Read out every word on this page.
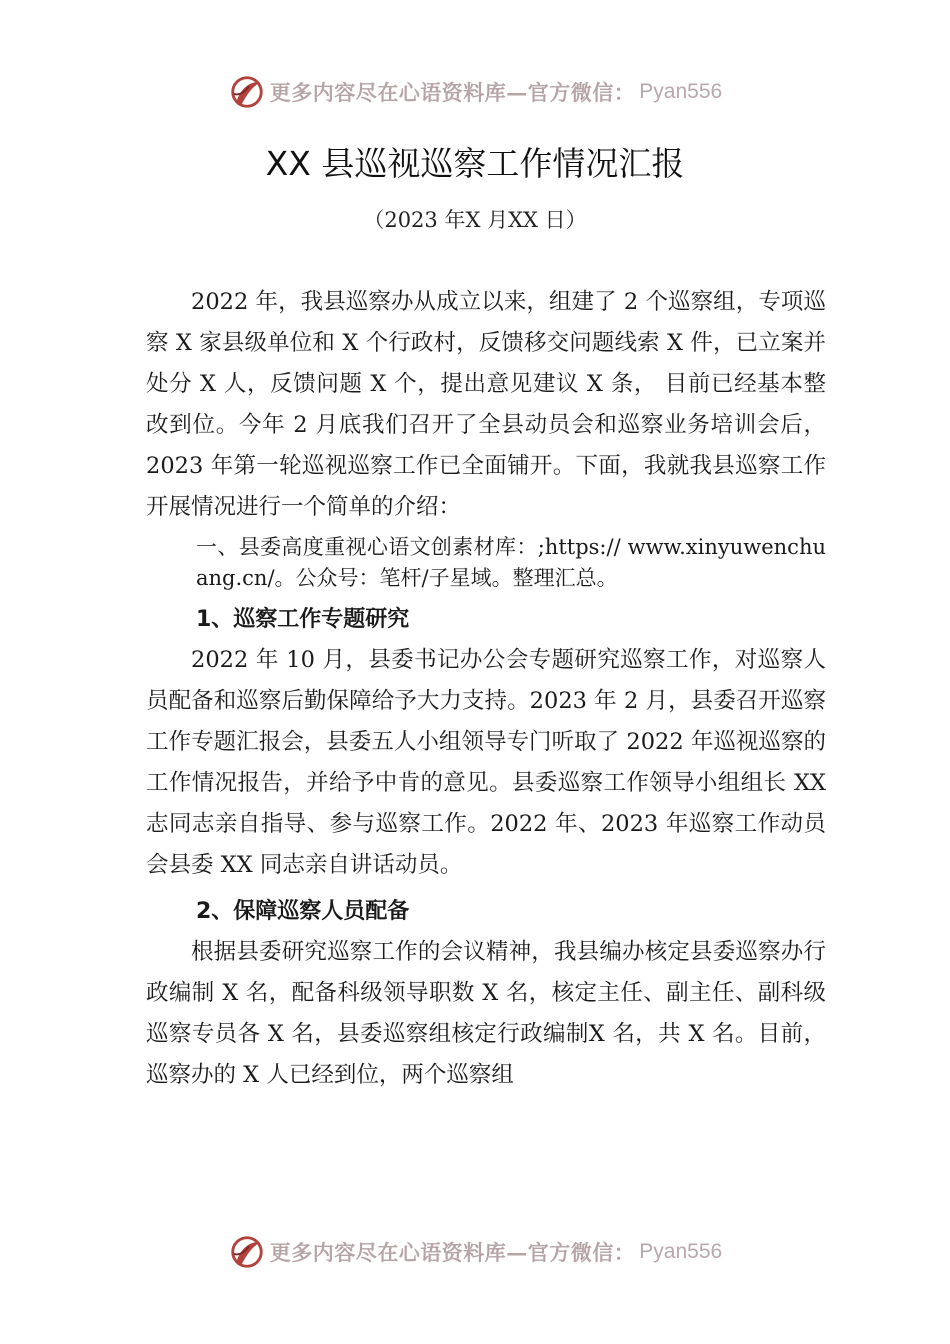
更多内容尽在心语资料库—官方微信： Pyan556
XX 县巡视巡察工作情况汇报
（2023 年X 月XX 日）

2022 年，我县巡察办从成立以来，组建了 2 个巡察组，专项巡察 X 家县级单位和 X 个行政村，反馈移交问题线索 X 件，已立案并处分 X 人，反馈问题 X 个，提出意见建议 X 条， 目前已经基本整改到位。今年 2 月底我们召开了全县动员会和巡察业务培训会后，2023 年第一轮巡视巡察工作已全面铺开。下面，我就我县巡察工作开展情况进行一个简单的介绍：

一、县委高度重视心语文创素材库：;https:// www.xinyuwenchuang.cn/。公众号：笔杆/子星域。整理汇总。

1、巡察工作专题研究

2022 年 10 月，县委书记办公会专题研究巡察工作，对巡察人员配备和巡察后勤保障给予大力支持。2023 年 2 月，县委召开巡察工作专题汇报会，县委五人小组领导专门听取了 2022 年巡视巡察的工作情况报告，并给予中肯的意见。县委巡察工作领导小组组长 XX 志同志亲自指导、参与巡察工作。2022 年、2023 年巡察工作动员会县委 XX 同志亲自讲话动员。

2、保障巡察人员配备

根据县委研究巡察工作的会议精神，我县编办核定县委巡察办行政编制 X 名，配备科级领导职数 X 名，核定主任、副主任、副科级巡察专员各 X 名，县委巡察组核定行政编制X 名，共 X 名。目前，巡察办的 X 人已经到位，两个巡察组

更多内容尽在心语资料库—官方微信： Pyan556
